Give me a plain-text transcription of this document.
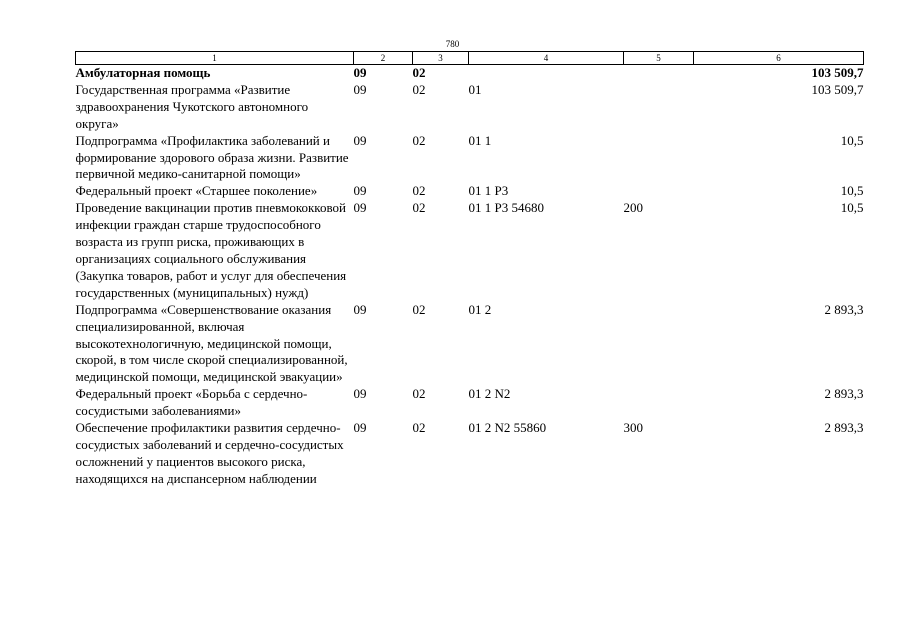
780
1	2	3	4	5	6
Амбулаторная помощь	09	02			103 509,7
Государственная программа «Развитие здравоохранения Чукотского автономного округа»	09	02	01		103 509,7
Подпрограмма «Профилактика заболеваний и формирование здорового образа жизни. Развитие первичной медико-санитарной помощи»	09	02	01 1		10,5
Федеральный проект «Старшее поколение»	09	02	01 1 P3		10,5
Проведение вакцинации против пневмококковой инфекции граждан старше трудоспособного возраста из групп риска, проживающих в организациях социального обслуживания (Закупка товаров, работ и услуг для обеспечения государственных (муниципальных) нужд)	09	02	01 1 P3 54680	200	10,5
Подпрограмма «Совершенствование оказания специализированной, включая высокотехнологичную, медицинской помощи, скорой, в том числе скорой специализированной, медицинской помощи, медицинской эвакуации»	09	02	01 2		2 893,3
Федеральный проект «Борьба с сердечно-сосудистыми заболеваниями»	09	02	01 2 N2		2 893,3
Обеспечение профилактики развития сердечно-сосудистых заболеваний и сердечно-сосудистых осложнений у пациентов высокого риска, находящихся на диспансерном наблюдении	09	02	01 2 N2 55860	300	2 893,3
